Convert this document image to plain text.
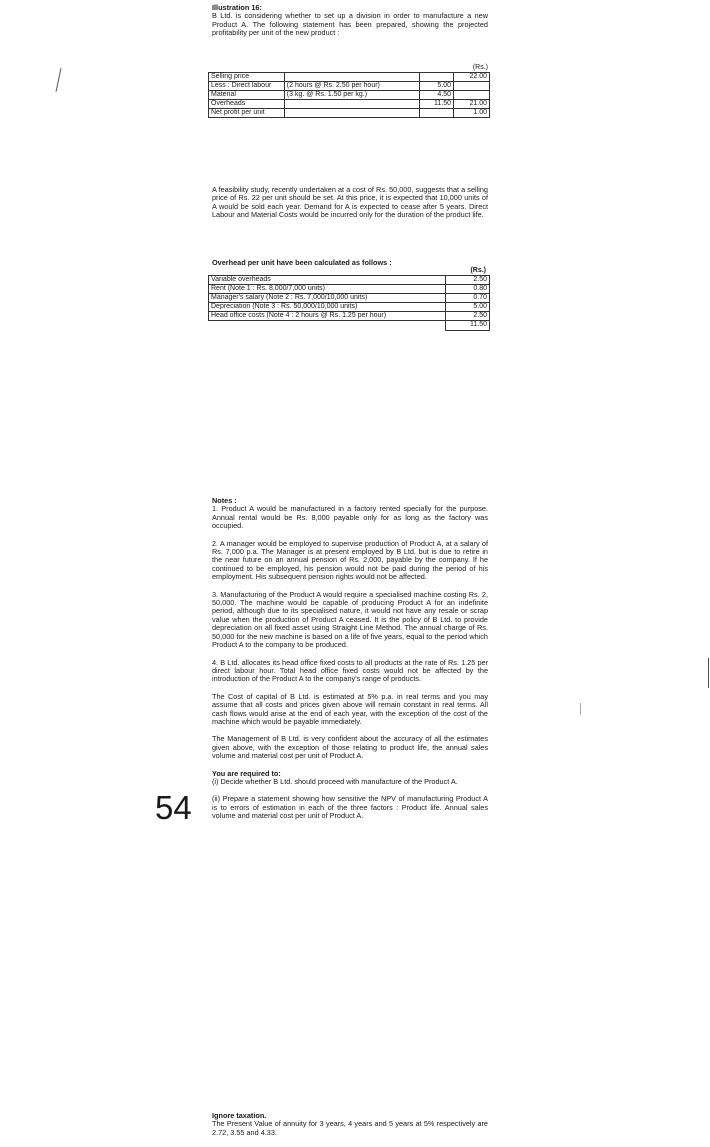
Illustration 16:

B Ltd. is considering whether to set up a division in order to manufacture a new Product A. The following statement has been prepared, showing the projected profitability per unit of the new product :

(Rs.)
Selling price			22.00
Less : Direct labour	(2 hours @ Rs. 2.50 per hour)	5.00	
Material	(3 kg. @ Rs. 1.50 per kg.)	4.50	
Overheads		11.50	21.00
Net profit per unit			1.00

A feasibility study, recently undertaken at a cost of Rs. 50,000, suggests that a selling price of Rs. 22 per unit should be set. At this price, it is expected that 10,000 units of A would be sold each year. Demand for A is expected to cease after 5 years. Direct Labour and Material Costs would be incurred only for the duration of the product life.

Overhead per unit have been calculated as follows :

(Rs.)
Variable overheads	2.50
Rent (Note 1 : Rs. 8,000/7,000 units)	0.80
Manager's salary (Note 2 : Rs. 7,000/10,000 units)	0.70
Depreciation (Note 3 : Rs. 50,000/10,000 units)	5.00
Head office costs (Note 4 : 2 hours @ Rs. 1.25 per hour)	2.50
	11.50

Notes :

1. Product A would be manufactured in a factory rented specially for the purpose. Annual rental would be Rs. 8,000 payable only for as long as the factory was occupied.

2. A manager would be employed to supervise production of Product A, at a salary of Rs. 7,000 p.a. The Manager is at present employed by B Ltd. but is due to retire in the near future on an annual pension of Rs. 2,000, payable by the company. If he continued to be employed, his pension would not be paid during the period of his employment. His subsequent pension rights would not be affected.

3. Manufacturing of the Product A would require a specialised machine costing Rs. 2, 50,000. The machine would be capable of producing Product A for an indefinite period, although due to its specialised nature, it would not have any resale or scrap value when the production of Product A ceased. It is the policy of B Ltd. to provide depreciation on all fixed asset using Straight Line Method. The annual charge of Rs. 50,000 for the new machine is based on a life of five years, equal to the period which Product A to the company to be produced.

4. B Ltd. allocates its head office fixed costs to all products at the rate of Rs. 1.25 per direct labour hour. Total head office fixed costs would not be affected by the introduction of the Product A to the company's range of products.

The Cost of capital of B Ltd. is estimated at 5% p.a. in real terms and you may assume that all costs and prices given above will remain constant in real terms. All cash flows would arise at the end of each year, with the exception of the cost of the machine which would be payable immediately.

The Management of B Ltd. is very confident about the accuracy of all the estimates given above, with the exception of those relating to product life, the annual sales volume and material cost per unit of Product A.

You are required to:

(i) Decide whether B Ltd. should proceed with manufacture of the Product A.

(ii) Prepare a statement showing how sensitive the NPV of manufacturing Product A is to errors of estimation in each of the three factors : Product life. Annual sales volume and material cost per unit of Product A.

54

Ignore taxation.

The Present Value of annuity for 3 years, 4 years and 5 years at 5% respectively are 2.72, 3.55 and 4.33.
